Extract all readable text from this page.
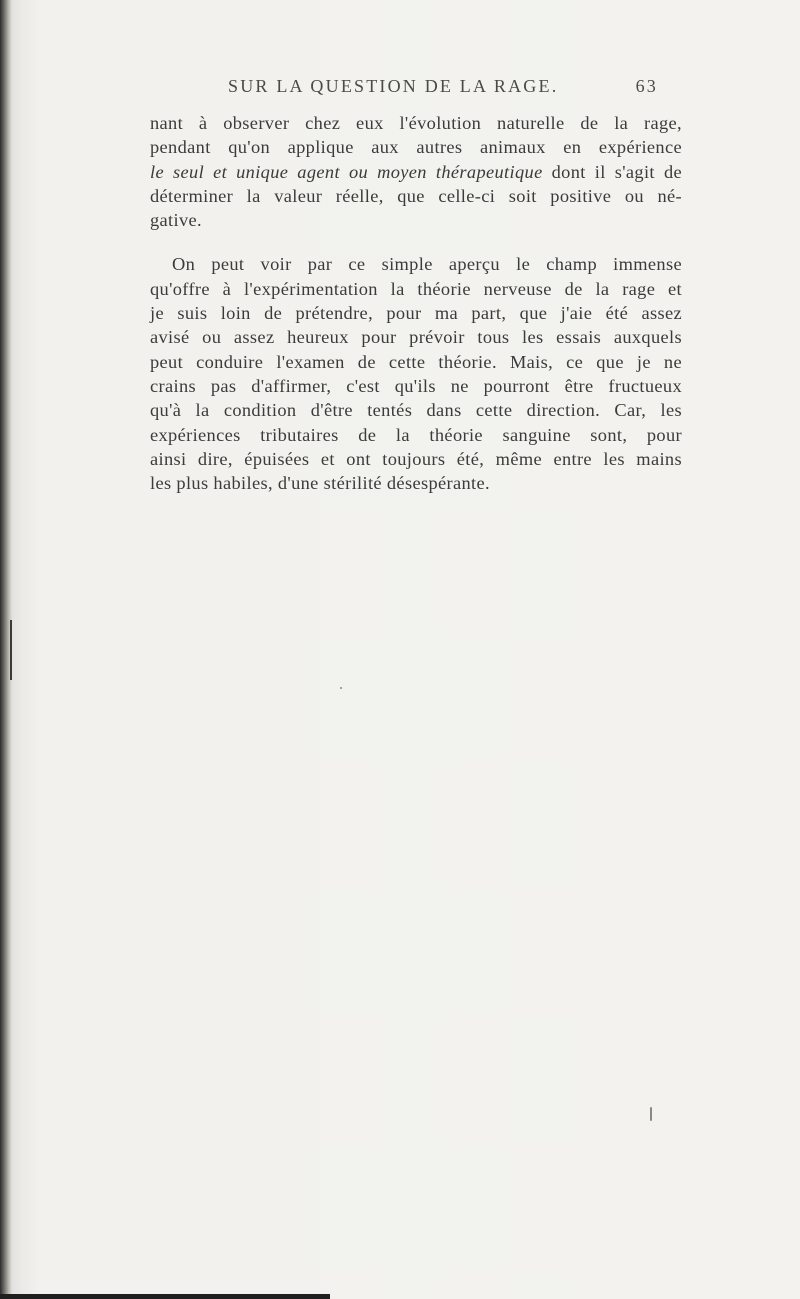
SUR LA QUESTION DE LA RAGE.	63

nant à observer chez eux l'évolution naturelle de la rage,
pendant qu'on applique aux autres animaux en expérience
le seul et unique agent ou moyen thérapeutique dont il s'agit de
déterminer la valeur réelle, que celle-ci soit positive ou né-
gative.

On peut voir par ce simple aperçu le champ immense
qu'offre à l'expérimentation la théorie nerveuse de la rage et
je suis loin de prétendre, pour ma part, que j'aie été assez
avisé ou assez heureux pour prévoir tous les essais auxquels
peut conduire l'examen de cette théorie. Mais, ce que je ne
crains pas d'affirmer, c'est qu'ils ne pourront être fructueux
qu'à la condition d'être tentés dans cette direction. Car, les
expériences tributaires de la théorie sanguine sont, pour
ainsi dire, épuisées et ont toujours été, même entre les mains
les plus habiles, d'une stérilité désespérante.
